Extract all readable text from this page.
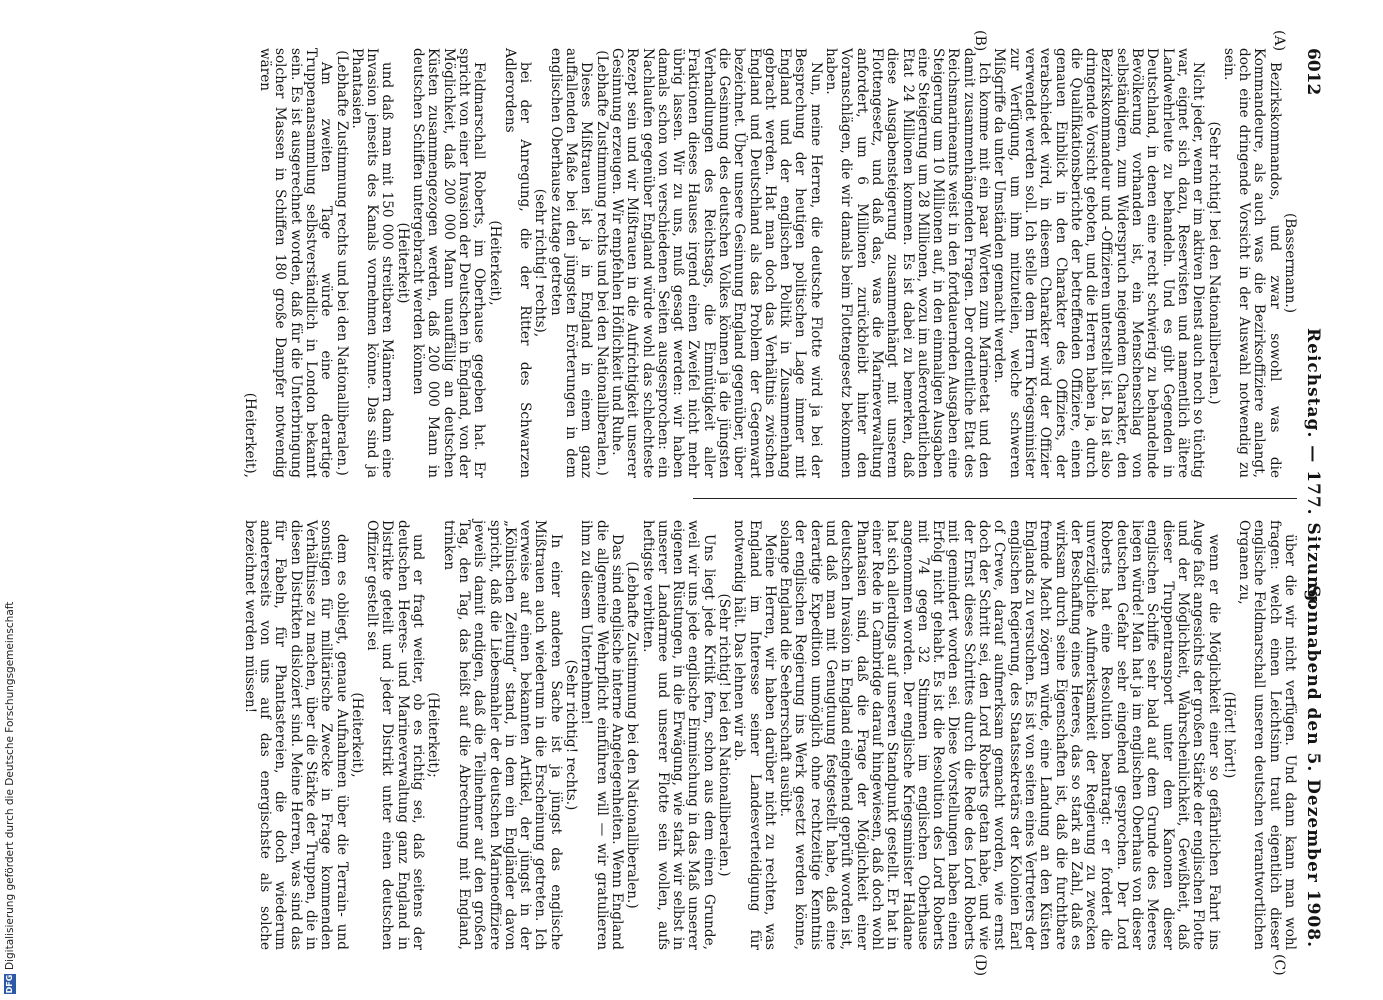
6012
Reichstag. — 177. Sitzung.
Sonnabend den 5. Dezember 1908.
(A)
(B)
(C)
(D)

(Bassermann.)

Bezirkskommandos, und zwar sowohl was die Kommandeure, als auch was die Bezirksoffiziere anlangt, doch eine dringende Vorsicht in der Auswahl notwendig zu sein.

(Sehr richtig! bei den Nationalliberalen.)

Nicht jeder, wenn er im aktiven Dienst auch noch so tüchtig war, eignet sich dazu, Reservisten und namentlich ältere Landwehrleute zu behandeln. Und es gibt Gegenden in Deutschland, in denen eine recht schwierig zu behandelnde Bevölkerung vorhanden ist, ein Menschenschlag von selbständigem, zum Widerspruch neigendem Charakter, den Bezirkskommandeur und -Offizieren unterstellt ist. Da ist also dringende Vorsicht geboten, und die Herren haben ja, durch die Qualifikationsberichte der betreffenden Offiziere, einen genauen Einblick in den Charakter des Offiziers, der verabschiedet wird, in diesem Charakter wird der Offizier verwendet werden soll. Ich stelle dem Herrn Kriegsminister zur Verfügung, um ihm mitzuteilen, welche schweren Mißgriffe da unter Umständen gemacht werden.

Ich komme mit ein paar Worten zum Marineetat und den damit zusammenhängenden Fragen. Der ordentliche Etat des Reichsmarineamts weist in den fortdauernden Ausgaben eine Steigerung um 10 Millionen auf, in den einmaligen Ausgaben eine Steigerung um 28 Millionen, wozu im außerordentlichen Etat 24 Millionen kommen. Es ist dabei zu bemerken, daß diese Ausgabensteigerung zusammenhängt mit unserem Flottengesetz, und daß das, was die Marineverwaltung anfordert, um 6 Millionen zurückbleibt hinter den Voranschlägen, die wir damals beim Flottengesetz bekommen haben.

Nun, meine Herren, die deutsche Flotte wird ja bei der Besprechung der heutigen politischen Lage immer mit England und der englischen Politik in Zusammenhang gebracht werden. Hat man doch das Verhältnis zwischen England und Deutschland als das Problem der Gegenwart bezeichnet. Über unsere Gesinnung England gegenüber, über die Gesinnung des deutschen Volkes können ja die jüngsten Verhandlungen des Reichstags, die Einmütigkeit aller Fraktionen dieses Hauses irgend einen Zweifel nicht mehr übrig lassen. Wir zu uns, muß gesagt werden: wir haben damals schon von verschiedenen Seiten ausgesprochen: ein Nachlaufen gegenüber England würde wohl das schlechteste Rezept sein und wir Mißtrauen in die Aufrichtigkeit unserer Gesinnung erzeugen. Wir empfehlen Höflichkeit und Ruhe.

(Lebhafte Zustimmung rechts und bei den Nationalliberalen.)

Dieses Mißtrauen ist ja in England in einem ganz auffallenden Maße bei den jüngsten Erörterungen in dem englischen Oberhause zutage getreten

(sehr richtig! rechts),

bei der Anregung, die der Ritter des Schwarzen Adlerordens

(Heiterkeit),

Feldmarschall Roberts, im Oberhause gegeben hat. Er spricht von einer Invasion der Deutschen in England, von der Möglichkeit, daß 200 000 Mann unauffällig an deutschen Küsten zusammengezogen werden, daß 200 000 Mann in deutschen Schiffen untergebracht werden können

(Heiterkeit)

und daß man mit 150 000 streitbaren Männern dann eine Invasion jenseits des Kanals vornehmen könne. Das sind ja Phantasien.

(Lebhafte Zustimmung rechts und bei den Nationalliberalen.)

Am zweiten Tage würde eine derartige Truppenansammlung selbstverständlich in London bekannt sein. Es ist ausgerechnet worden, daß für die Unterbringung solcher Massen in Schiffen 180 große Dampfer notwendig wären

(Heiterkeit),

über die wir nicht verfügen. Und dann kann man wohl fragen: welch einen Leichtsinn traut eigentlich dieser englische Feldmarschall unseren deutschen verantwortlichen Organen zu,

(Hört! hört!)

wenn er die Möglichkeit einer so gefährlichen Fahrt ins Auge faßt angesichts der großen Stärke der englischen Flotte und der Möglichkeit, Wahrscheinlichkeit, Gewißheit, daß dieser Truppentransport unter dem Kanonen dieser englischen Schiffe sehr bald auf dem Grunde des Meeres liegen würde! Man hat ja im englischen Oberhaus von dieser deutschen Gefahr sehr eingehend gesprochen. Der Lord Roberts hat eine Resolution beantragt: er fordert die unverzügliche Aufmerksamkeit der Regierung zu zwecken der Beschaffung eines Heeres, das so stark an Zahl, daß es wirksam durch seine Eigenschaften ist, daß die furchtbare fremde Macht zögern würde, eine Landung an den Küsten Englands zu versuchen. Es ist von seiten eines Vertreters der englischen Regierung, des Staatssekretärs der Kolonien Earl of Crewe, darauf aufmerksam gemacht worden, wie ernst doch der Schritt sei, den Lord Roberts getan habe, und wie der Ernst dieses Schrittes durch die Rede des Lord Roberts mit gemindert worden sei. Diese Vorstellungen haben einen Erfolg nicht gehabt. Es ist die Resolution des Lord Roberts mit 74 gegen 32 Stimmen im englischen Oberhause angenommen worden. Der englische Kriegsminister Haldane hat sich allerdings auf unseren Standpunkt gestellt. Er hat in einer Rede in Cambridge darauf hingewiesen, daß doch wohl Phantasien sind, daß die Frage der Möglichkeit einer deutschen Invasion in England eingehend geprüft worden ist, und daß man mit Genugtuung festgestellt habe, daß eine derartige Expedition unmöglich ohne rechtzeitige Kenntnis der englischen Regierung ins Werk gesetzt werden könne, solange England die Seeherrschaft ausübt.

Meine Herren, wir haben darüber nicht zu rechten, was England im Interesse seiner Landesverteidigung für notwendig hält. Das lehnen wir ab.

(Sehr richtig! bei den Nationalliberalen.)

Uns liegt jede Kritik fern, schon aus dem einen Grunde, weil wir uns jede englische Einmischung in das Maß unserer eigenen Rüstungen, in die Erwägung, wie stark wir selbst in unserer Landarmee und unserer Flotte sein wollen, aufs heftigste verbitten.

(Lebhafte Zustimmung bei den Nationalliberalen.)

Das sind englische interne Angelegenheiten. Wenn England die allgemeine Wehrpflicht einführen will — wir gratulieren ihm zu diesem Unternehmen!

(Sehr richtig! rechts.)

In einer anderen Sache ist ja jüngst das englische Mißtrauen auch wiederum in die Erscheinung getreten. Ich verweise auf einen bekannten Artikel, der jüngst in der „Kölnischen Zeitung“ stand, in dem ein Engländer davon spricht, daß die Liebesmahler der deutschen Marineoffiziere jeweils damit endigen, daß die Teilnehmer auf den großen Tag, den Tag, das heißt auf die Abrechnung mit England, trinken

(Heiterkeit);

und er fragt weiter, ob es richtig sei, daß seitens der deutschen Heeres- und Marineverwaltung ganz England in Distrikte geteilt und jeder Distrikt unter einen deutschen Offizier gestellt sei

(Heiterkeit),

dem es obliegt, genaue Aufnahmen über die Terrain- und sonstigen für militärische Zwecke in Frage kommenden Verhältnisse zu machen, über die Stärke der Truppen, die in diesen Distrikten disloziert sind. Meine Herren, was sind das für Fabeln, für Phantastereien, die doch wiederum andererseits von uns auf das energischste als solche bezeichnet werden müssen!

DFGDigitalisierung gefördert durch die Deutsche Forschungsgemeinschaft
